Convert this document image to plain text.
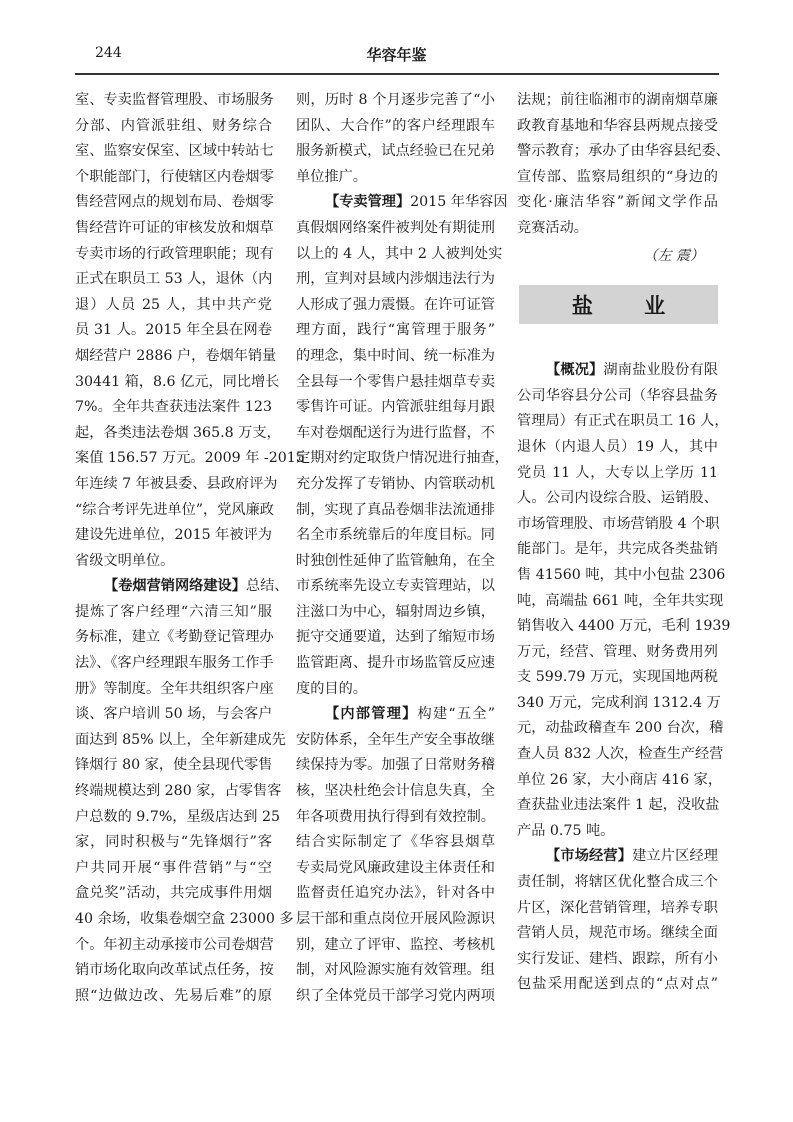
244	华容年鉴
室、专卖监督管理股、市场服务
分部、内管派驻组、财务综合
室、监察安保室、区域中转站七
个职能部门，行使辖区内卷烟零
售经营网点的规划布局、卷烟零
售经营许可证的审核发放和烟草
专卖市场的行政管理职能；现有
正式在职员工 53 人，退休（内
退）人员 25 人，其中共产党
员 31 人。2015 年全县在网卷
烟经营户 2886 户，卷烟年销量
30441 箱，8.6 亿元，同比增长
7%。全年共查获违法案件 123
起，各类违法卷烟 365.8 万支，
案值 156.57 万元。2009 年 -2015
年连续 7 年被县委、县政府评为
“综合考评先进单位”，党风廉政
建设先进单位，2015 年被评为
省级文明单位。
【卷烟营销网络建设】总结、
提炼了客户经理“六清三知”服
务标准，建立《考勤登记管理办
法》、《客户经理跟车服务工作手
册》等制度。全年共组织客户座
谈、客户培训 50 场，与会客户
面达到 85% 以上，全年新建成先
锋烟行 80 家，使全县现代零售
终端规模达到 280 家，占零售客
户总数的 9.7%，星级店达到 25
家，同时积极与“先锋烟行”客
户共同开展“事件营销”与“空
盒兑奖”活动，共完成事件用烟
40 余场，收集卷烟空盒 23000 多
个。年初主动承接市公司卷烟营
销市场化取向改革试点任务，按
照“边做边改、先易后难”的原
则，历时 8 个月逐步完善了“小
团队、大合作”的客户经理跟车
服务新模式，试点经验已在兄弟
单位推广。
【专卖管理】2015 年华容因
真假烟网络案件被判处有期徒刑
以上的 4 人，其中 2 人被判处实
刑，宣判对县域内涉烟违法行为
人形成了强力震慑。在许可证管
理方面，践行“寓管理于服务”
的理念，集中时间、统一标准为
全县每一个零售户悬挂烟草专卖
零售许可证。内管派驻组每月跟
车对卷烟配送行为进行监督，不
定期对约定取货户情况进行抽查，
充分发挥了专销协、内管联动机
制，实现了真品卷烟非法流通排
名全市系统靠后的年度目标。同
时独创性延伸了监管触角，在全
市系统率先设立专卖管理站，以
注滋口为中心，辐射周边乡镇，
扼守交通要道，达到了缩短市场
监管距离、提升市场监管反应速
度的目的。
【内部管理】构建“五全”
安防体系，全年生产安全事故继
续保持为零。加强了日常财务稽
核，坚决杜绝会计信息失真，全
年各项费用执行得到有效控制。
结合实际制定了《华容县烟草
专卖局党风廉政建设主体责任和
监督责任追究办法》，针对各中
层干部和重点岗位开展风险源识
别，建立了评审、监控、考核机
制，对风险源实施有效管理。组
织了全体党员干部学习党内两项
法规；前往临湘市的湖南烟草廉
政教育基地和华容县两规点接受
警示教育；承办了由华容县纪委、
宣传部、监察局组织的“身边的
变化·廉洁华容”新闻文学作品
竞赛活动。
（左 震）
盐 业
【概况】湖南盐业股份有限
公司华容县分公司（华容县盐务
管理局）有正式在职员工 16 人，
退休（内退人员）19 人，其中
党员 11 人，大专以上学历 11
人。公司内设综合股、运销股、
市场管理股、市场营销股 4 个职
能部门。是年，共完成各类盐销
售 41560 吨，其中小包盐 2306
吨，高端盐 661 吨，全年共实现
销售收入 4400 万元，毛利 1939
万元，经营、管理、财务费用列
支 599.79 万元，实现国地两税
340 万元，完成利润 1312.4 万
元，动盐政稽查车 200 台次，稽
查人员 832 人次，检查生产经营
单位 26 家，大小商店 416 家，
查获盐业违法案件 1 起，没收盐
产品 0.75 吨。
【市场经营】建立片区经理
责任制，将辖区优化整合成三个
片区，深化营销管理，培养专职
营销人员，规范市场。继续全面
实行发证、建档、跟踪，所有小
包盐采用配送到点的“点对点”
